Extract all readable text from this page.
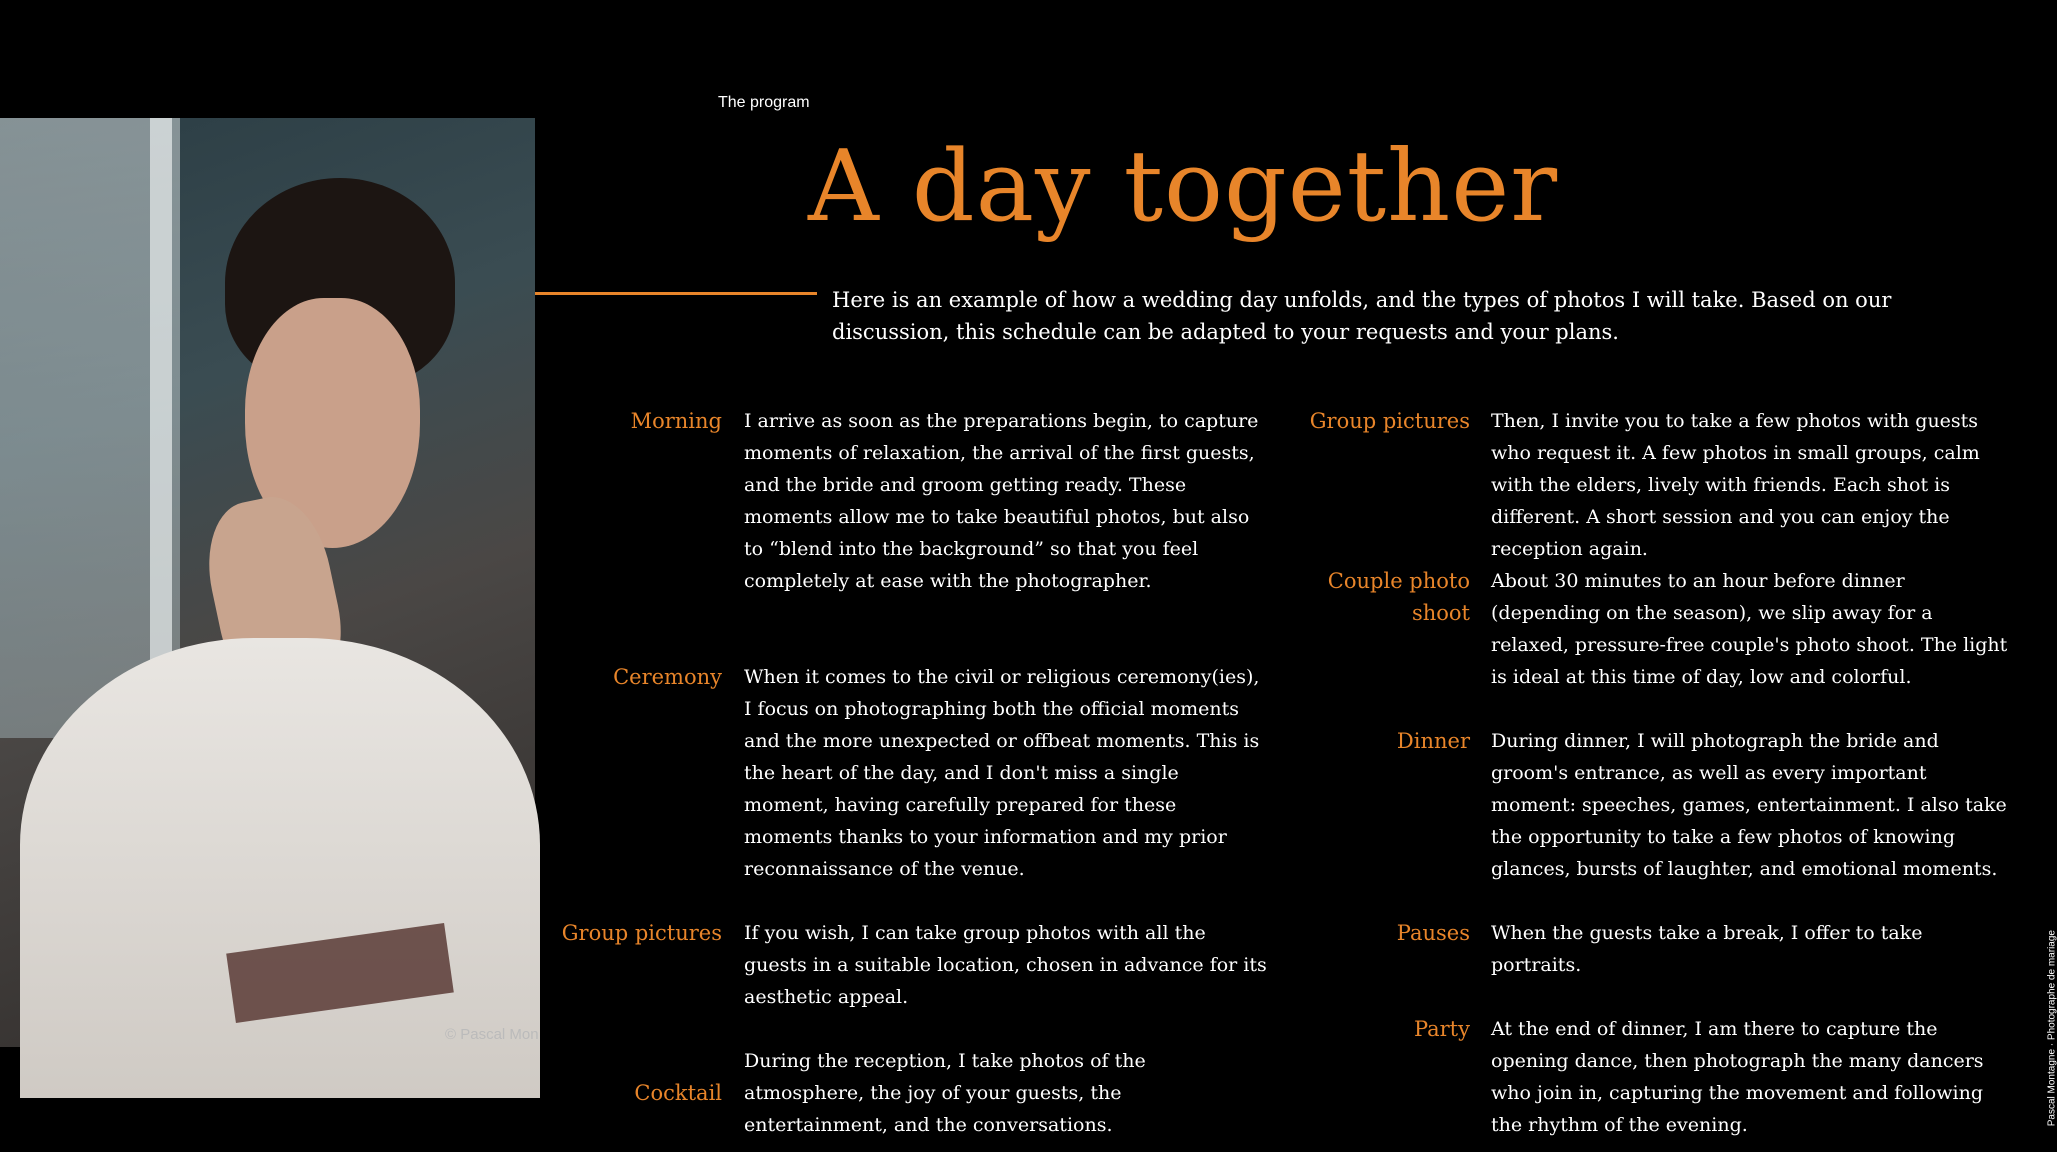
© Pascal Mon
The program
A day together
Here is an example of how a wedding day unfolds, and the types of photos I will take. Based on our discussion, this schedule can be adapted to your requests and your plans.
Morning I arrive as soon as the preparations begin, to capture moments of relaxation, the arrival of the first guests, and the bride and groom getting ready. These moments allow me to take beautiful photos, but also to “blend into the background” so that you feel completely at ease with the photographer.
Ceremony When it comes to the civil or religious ceremony(ies), I focus on photographing both the official moments and the more unexpected or offbeat moments. This is the heart of the day, and I don't miss a single moment, having carefully prepared for these moments thanks to your information and my prior reconnaissance of the venue.
Group pictures If you wish, I can take group photos with all the guests in a suitable location, chosen in advance for its aesthetic appeal.
Cocktail
During the reception, I take photos of the atmosphere, the joy of your guests, the entertainment, and the conversations.
Group pictures Then, I invite you to take a few photos with guests who request it. A few photos in small groups, calm with the elders, lively with friends. Each shot is different. A short session and you can enjoy the reception again.
Couple photo shoot
About 30 minutes to an hour before dinner (depending on the season), we slip away for a relaxed, pressure-free couple's photo shoot. The light is ideal at this time of day, low and colorful.
Dinner During dinner, I will photograph the bride and groom's entrance, as well as every important moment: speeches, games, entertainment. I also take the opportunity to take a few photos of knowing glances, bursts of laughter, and emotional moments.
Pauses When the guests take a break, I offer to take portraits.
Party At the end of dinner, I am there to capture the opening dance, then photograph the many dancers who join in, capturing the movement and following the rhythm of the evening.	Pascal Montagne · Photographe de mariage
